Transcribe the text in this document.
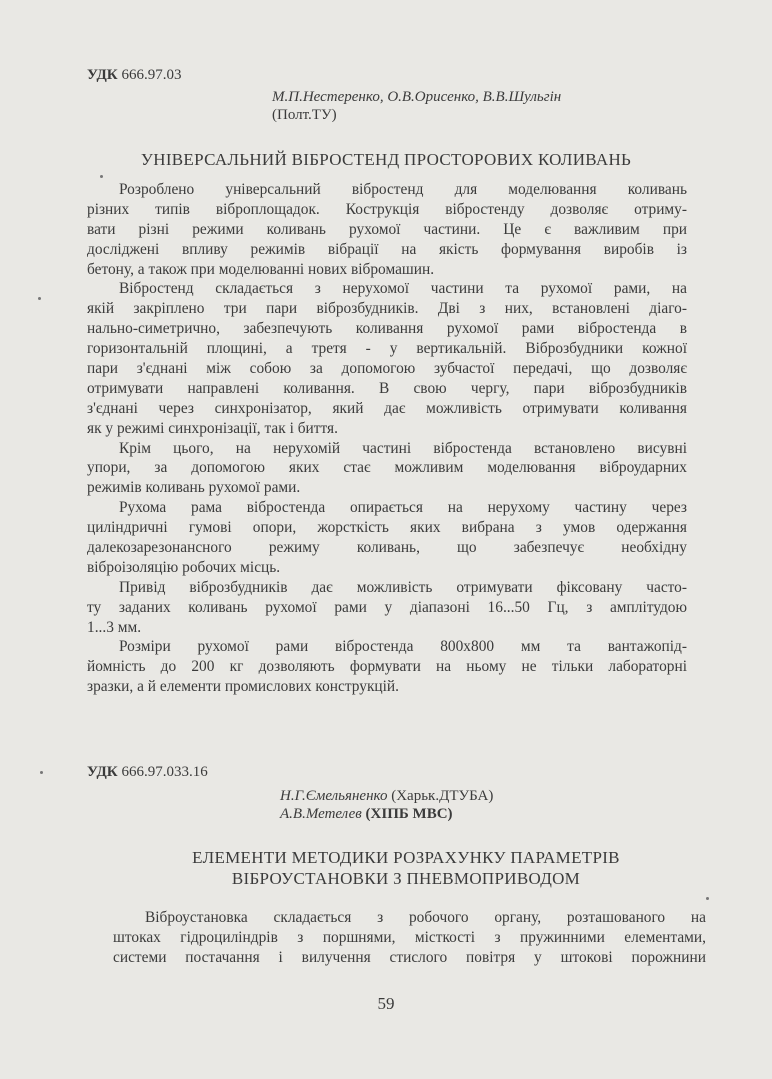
УДК 666.97.03
М.П.Нестеренко, О.В.Орисенко, В.В.Шульгін
(Полт.ТУ)
УНІВЕРСАЛЬНИЙ ВІБРОСТЕНД ПРОСТОРОВИХ КОЛИВАНЬ
Розроблено універсальний вібростенд для моделювання коливань
різних типів віброплощадок. Кострукція вібростенду дозволяє отриму-
вати різні режими коливань рухомої частини. Це є важливим при
досліджені впливу режимів вібрації на якість формування виробів із
бетону, а також при моделюванні нових вібромашин.
Вібростенд складається з нерухомої частини та рухомої рами, на
якій закріплено три пари віброзбудників. Дві з них, встановлені діаго-
нально-симетрично, забезпечують коливання рухомої рами вібростенда в
горизонтальній площині, а третя - у вертикальній. Віброзбудники кожної
пари з'єднані між собою за допомогою зубчастої передачі, що дозволяє
отримувати направлені коливання. В свою чергу, пари віброзбудників
з'єднані через синхронізатор, який дає можливість отримувати коливання
як у режимі синхронізації, так і биття.
Крім цього, на нерухомій частині вібростенда встановлено висувні
упори, за допомогою яких стає можливим моделювання віброударних
режимів коливань рухомої рами.
Рухома рама вібростенда опирається на нерухому частину через
циліндричні гумові опори, жорсткість яких вибрана з умов одержання
далекозарезонансного режиму коливань, що забезпечує необхідну
віброізоляцію робочих місць.
Привід віброзбудників дає можливість отримувати фіксовану часто-
ту заданих коливань рухомої рами у діапазоні 16...50 Гц, з амплітудою
1...3 мм.
Розміри рухомої рами вібростенда 800x800 мм та вантажопід-
йомність до 200 кг дозволяють формувати на ньому не тільки лабораторні
зразки, а й елементи промислових конструкцій.
УДК 666.97.033.16
Н.Г.Ємельяненко (Харьк.ДТУБА)
А.В.Метелев (ХІПБ МВС)
ЕЛЕМЕНТИ МЕТОДИКИ РОЗРАХУНКУ ПАРАМЕТРІВ
ВІБРОУСТАНОВКИ З ПНЕВМОПРИВОДОМ
Віброустановка складається з робочого органу, розташованого на
штоках гідроциліндрів з поршнями, місткості з пружинними елементами,
системи постачання і вилучення стислого повітря у штокові порожнини
59
